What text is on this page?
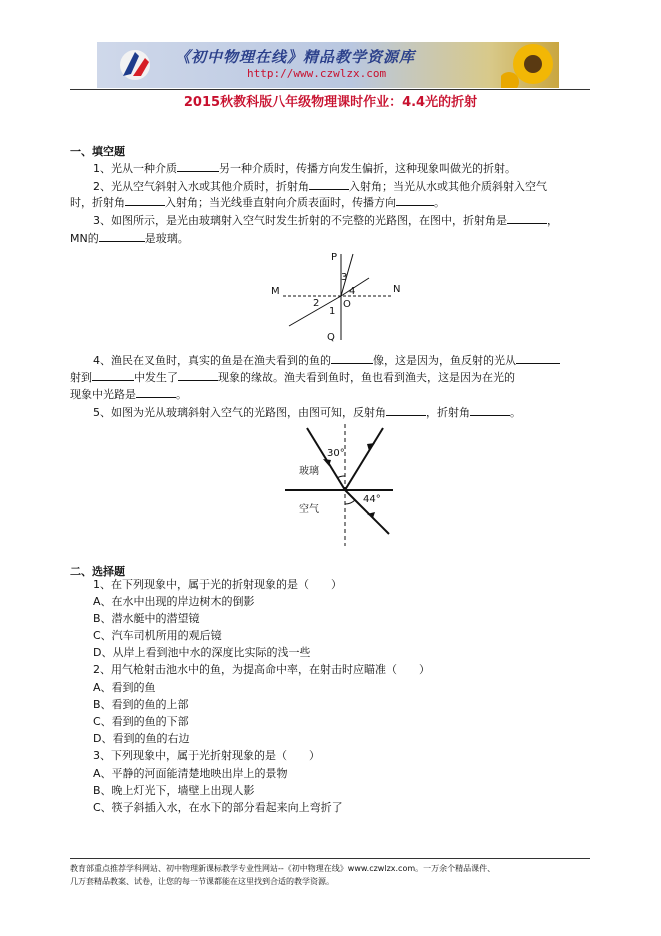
《初中物理在线》精品教学资源库
http://www.czwlzx.com
2015秋教科版八年级物理课时作业：4.4光的折射
一、填空题
1、光从一种介质	另一种介质时，传播方向发生偏折，这种现象叫做光的折射。
2、光从空气斜射入水或其他介质时，折射角	入射角；当光从水或其他介质斜射入空气
时，折射角	入射角；当光线垂直射向介质表面时，传播方向	。
3、如图所示，是光由玻璃射入空气时发生折射的不完整的光路图，在图中，折射角是	，
MN的	是玻璃。
P
M	N
O
Q
1
2
3
4
4、渔民在叉鱼时，真实的鱼是在渔夫看到的鱼的	像，这是因为，鱼反射的光从
射到	中发生了	现象的缘故。渔夫看到鱼时，鱼也看到渔夫，这是因为在光的
现象中光路是	。
5、如图为光从玻璃斜射入空气的光路图，由图可知，反射角	，折射角	。
30°
玻璃
44°
空气
二、选择题
1、在下列现象中，属于光的折射现象的是（　　）
A、在水中出现的岸边树木的倒影
B、潜水艇中的潜望镜
C、汽车司机所用的观后镜
D、从岸上看到池中水的深度比实际的浅一些
2、用气枪射击池水中的鱼，为提高命中率，在射击时应瞄准（　　）
A、看到的鱼
B、看到的鱼的上部
C、看到的鱼的下部
D、看到的鱼的右边
3、下列现象中，属于光折射现象的是（　　）
A、平静的河面能清楚地映出岸上的景物
B、晚上灯光下，墙壁上出现人影
C、筷子斜插入水，在水下的部分看起来向上弯折了
教育部重点推荐学科网站、初中物理新课标教学专业性网站--《初中物理在线》www.czwlzx.com。一万余个精品课件、
几万套精品教案、试卷，让您的每一节课都能在这里找到合适的教学资源。
